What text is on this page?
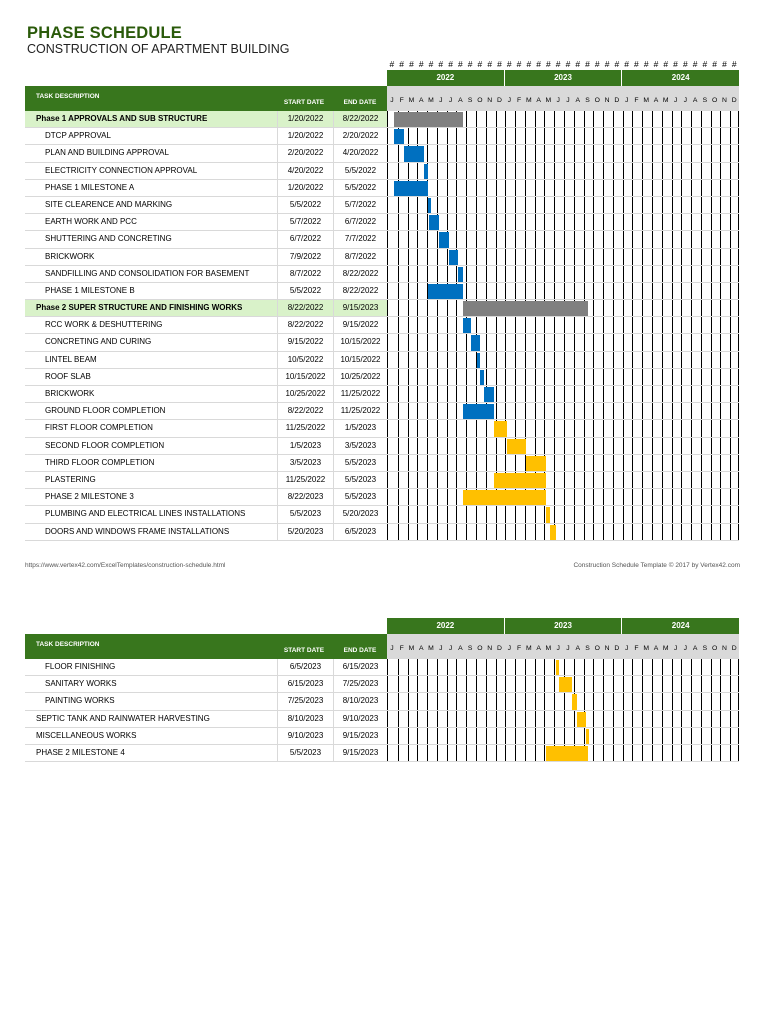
PHASE SCHEDULE
CONSTRUCTION OF APARTMENT BUILDING
# # # # # # # # # # # # # # # # # # # # # # # # # # # # # # # # # # # #
2022	2023	2024
TASK DESCRIPTION
START DATE	END DATE	J F M A M J J A S O N D J F M A M J J A S O N D J F M A M J J A S O N D
Phase 1 APPROVALS AND SUB STRUCTURE	1/20/2022	8/22/2022
DTCP APPROVAL	1/20/2022	2/20/2022
PLAN AND BUILDING APPROVAL	2/20/2022	4/20/2022
ELECTRICITY CONNECTION APPROVAL	4/20/2022	5/5/2022
PHASE 1 MILESTONE A	1/20/2022	5/5/2022
SITE CLEARENCE AND MARKING	5/5/2022	5/7/2022
EARTH WORK AND PCC	5/7/2022	6/7/2022
SHUTTERING AND CONCRETING	6/7/2022	7/7/2022
BRICKWORK	7/9/2022	8/7/2022
SANDFILLING AND CONSOLIDATION FOR BASEMENT	8/7/2022	8/22/2022
PHASE 1 MILESTONE B	5/5/2022	8/22/2022
Phase 2 SUPER STRUCTURE AND FINISHING WORKS	8/22/2022	9/15/2023
RCC WORK & DESHUTTERING	8/22/2022	9/15/2022
CONCRETING AND CURING	9/15/2022	10/15/2022
LINTEL BEAM	10/5/2022	10/15/2022
ROOF SLAB	10/15/2022	10/25/2022
BRICKWORK	10/25/2022	11/25/2022
GROUND FLOOR COMPLETION	8/22/2022	11/25/2022
FIRST FLOOR COMPLETION	11/25/2022	1/5/2023
SECOND FLOOR COMPLETION	1/5/2023	3/5/2023
THIRD FLOOR COMPLETION	3/5/2023	5/5/2023
PLASTERING	11/25/2022	5/5/2023
PHASE 2 MILESTONE 3	8/22/2023	5/5/2023
PLUMBING AND ELECTRICAL LINES INSTALLATIONS	5/5/2023	5/20/2023
DOORS AND WINDOWS FRAME INSTALLATIONS	5/20/2023	6/5/2023
https://www.vertex42.com/ExcelTemplates/construction-schedule.html	Construction Schedule Template © 2017 by Vertex42.com
2022	2023	2024
TASK DESCRIPTION
START DATE	END DATE	J F M A M J J A S O N D J F M A M J J A S O N D J F M A M J J A S O N D
FLOOR FINISHING	6/5/2023	6/15/2023
SANITARY WORKS	6/15/2023	7/25/2023
PAINTING WORKS	7/25/2023	8/10/2023
SEPTIC TANK AND RAINWATER HARVESTING	8/10/2023	9/10/2023
MISCELLANEOUS WORKS	9/10/2023	9/15/2023
PHASE 2 MILESTONE 4	5/5/2023	9/15/2023
